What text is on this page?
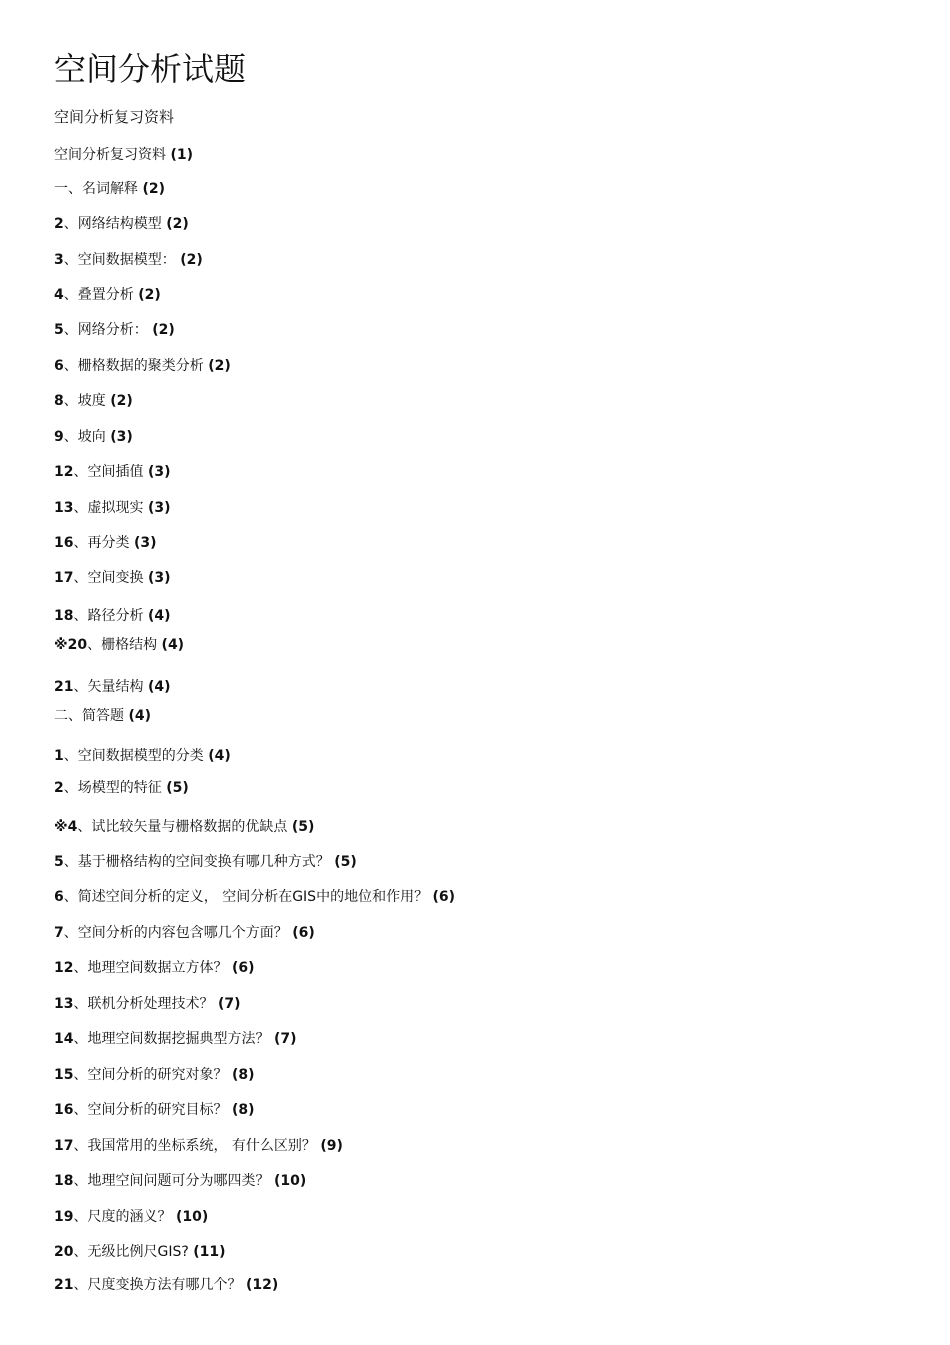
空间分析试题
空间分析复习资料
空间分析复习资料 (1)
一、名词解释 (2)
2、网络结构模型 (2)
3、空间数据模型： (2)
4、叠置分析 (2)
5、网络分析： (2)
6、栅格数据的聚类分析 (2)
8、坡度 (2)
9、坡向 (3)
12、空间插值 (3)
13、虚拟现实 (3)
16、再分类 (3)
17、空间变换 (3)
18、路径分析 (4)
※20、栅格结构 (4)
21、矢量结构 (4)
二、简答题 (4)
1、空间数据模型的分类 (4)
2、场模型的特征 (5)
※4、试比较矢量与栅格数据的优缺点 (5)
5、基于栅格结构的空间变换有哪几种方式？ (5)
6、简述空间分析的定义， 空间分析在GIS中的地位和作用？ (6)
7、空间分析的内容包含哪几个方面？ (6)
12、地理空间数据立方体？ (6)
13、联机分析处理技术？ (7)
14、地理空间数据挖掘典型方法？ (7)
15、空间分析的研究对象？ (8)
16、空间分析的研究目标？ (8)
17、我国常用的坐标系统， 有什么区别？ (9)
18、地理空间问题可分为哪四类？ (10)
19、尺度的涵义？ (10)
20、无级比例尺GIS? (11)
21、尺度变换方法有哪几个？ (12)
